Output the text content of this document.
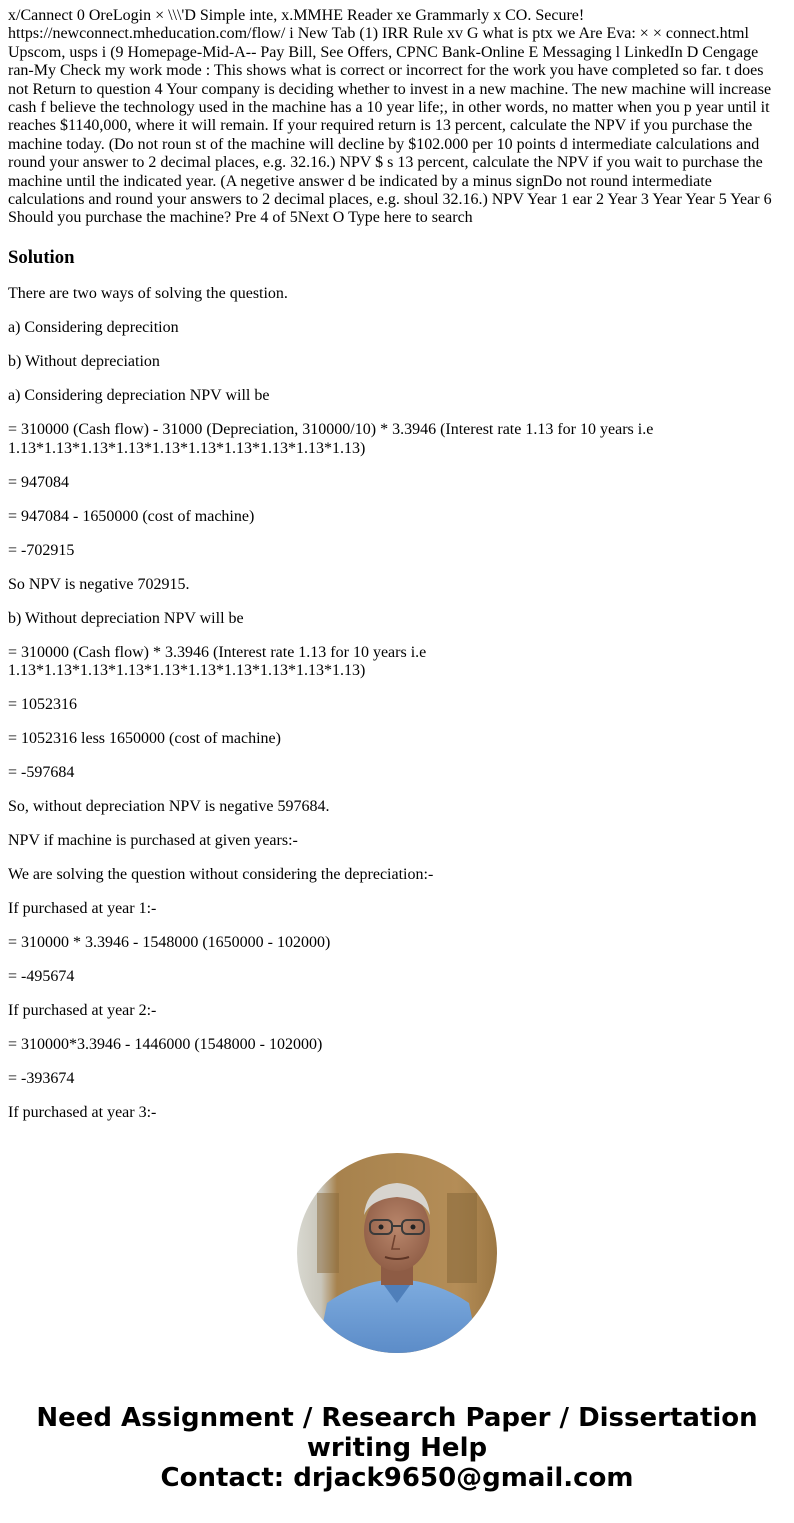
x/Cannect 0 OreLogin × \\\'D Simple inte, x.MMHE Reader xe Grammarly x CO. Secure! https://newconnect.mheducation.com/flow/ i New Tab (1) IRR Rule xv G what is ptx we Are Eva: × × connect.html Upscom, usps i (9 Homepage-Mid-A-- Pay Bill, See Offers, CPNC Bank-Online E Messaging l LinkedIn D Cengage ran-My Check my work mode : This shows what is correct or incorrect for the work you have completed so far. t does not Return to question 4 Your company is deciding whether to invest in a new machine. The new machine will increase cash f believe the technology used in the machine has a 10 year life;, in other words, no matter when you p year until it reaches $1140,000, where it will remain. If your required return is 13 percent, calculate the NPV if you purchase the machine today. (Do not roun st of the machine will decline by $102.000 per 10 points d intermediate calculations and round your answer to 2 decimal places, e.g. 32.16.) NPV $ s 13 percent, calculate the NPV if you wait to purchase the machine until the indicated year. (A negetive answer d be indicated by a minus signDo not round intermediate calculations and round your answers to 2 decimal places, e.g. shoul 32.16.) NPV Year 1 ear 2 Year 3 Year Year 5 Year 6 Should you purchase the machine? Pre 4 of 5Next O Type here to search

Solution

There are two ways of solving the question.

a) Considering deprecition

b) Without depreciation

a) Considering depreciation NPV will be

= 310000 (Cash flow) - 31000 (Depreciation, 310000/10) * 3.3946 (Interest rate 1.13 for 10 years i.e 1.13*1.13*1.13*1.13*1.13*1.13*1.13*1.13*1.13*1.13)

= 947084

= 947084 - 1650000 (cost of machine)

= -702915

So NPV is negative 702915.

b) Without depreciation NPV will be

= 310000 (Cash flow) * 3.3946 (Interest rate 1.13 for 10 years i.e 1.13*1.13*1.13*1.13*1.13*1.13*1.13*1.13*1.13*1.13)

= 1052316

= 1052316 less 1650000 (cost of machine)

= -597684

So, without depreciation NPV is negative 597684.

NPV if machine is purchased at given years:-

We are solving the question without considering the depreciation:-

If purchased at year 1:-

= 310000 * 3.3946 - 1548000 (1650000 - 102000)

= -495674

If purchased at year 2:-

= 310000*3.3946 - 1446000 (1548000 - 102000)

= -393674

If purchased at year 3:-

Need Assignment / Research Paper / Dissertation
writing Help
Contact: drjack9650@gmail.com
